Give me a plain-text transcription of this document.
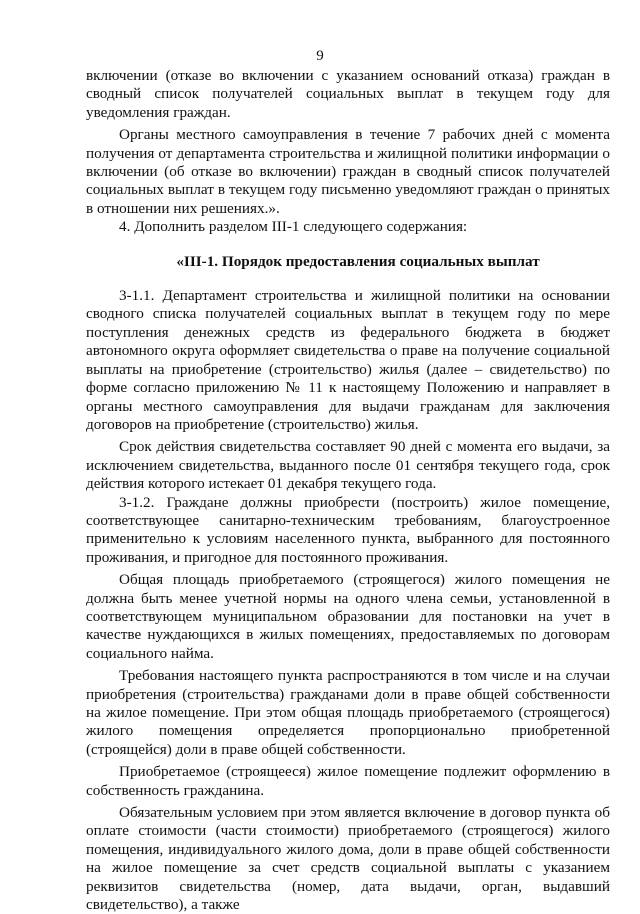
9

включении (отказе во включении с указанием оснований отказа) граждан в сводный список получателей социальных выплат в текущем году для уведомления граждан.

Органы местного самоуправления в течение 7 рабочих дней с момента получения от департамента строительства и жилищной политики информации о включении (об отказе во включении) граждан в сводный список получателей социальных выплат в текущем году письменно уведомляют граждан о принятых в отношении них решениях.».

4. Дополнить разделом III-1 следующего содержания:

«III-1. Порядок предоставления социальных выплат

3-1.1. Департамент строительства и жилищной политики на основании сводного списка получателей социальных выплат в текущем году по мере поступления денежных средств из федерального бюджета в бюджет автономного округа оформляет свидетельства о праве на получение социальной выплаты на приобретение (строительство) жилья (далее – свидетельство) по форме согласно приложению № 11 к настоящему Положению и направляет в органы местного самоуправления для выдачи гражданам для заключения договоров на приобретение (строительство) жилья.

Срок действия свидетельства составляет 90 дней с момента его выдачи, за исключением свидетельства, выданного после 01 сентября текущего года, срок действия которого истекает 01 декабря текущего года.

3-1.2. Граждане должны приобрести (построить) жилое помещение, соответствующее санитарно-техническим требованиям, благоустроенное применительно к условиям населенного пункта, выбранного для постоянного проживания, и пригодное для постоянного проживания.

Общая площадь приобретаемого (строящегося) жилого помещения не должна быть менее учетной нормы на одного члена семьи, установленной в соответствующем муниципальном образовании для постановки на учет в качестве нуждающихся в жилых помещениях, предоставляемых по договорам социального найма.

Требования настоящего пункта распространяются в том числе и на случаи приобретения (строительства) гражданами доли в праве общей собственности на жилое помещение. При этом общая площадь приобретаемого (строящегося) жилого помещения определяется пропорционально приобретенной (строящейся) доли в праве общей собственности.

Приобретаемое (строящееся) жилое помещение подлежит оформлению в собственность гражданина.

Обязательным условием при этом является включение в договор пункта об оплате стоимости (части стоимости) приобретаемого (строящегося) жилого помещения, индивидуального жилого дома, доли в праве общей собственности на жилое помещение за счет средств социальной выплаты с указанием реквизитов свидетельства (номер, дата выдачи, орган, выдавший свидетельство), а также
